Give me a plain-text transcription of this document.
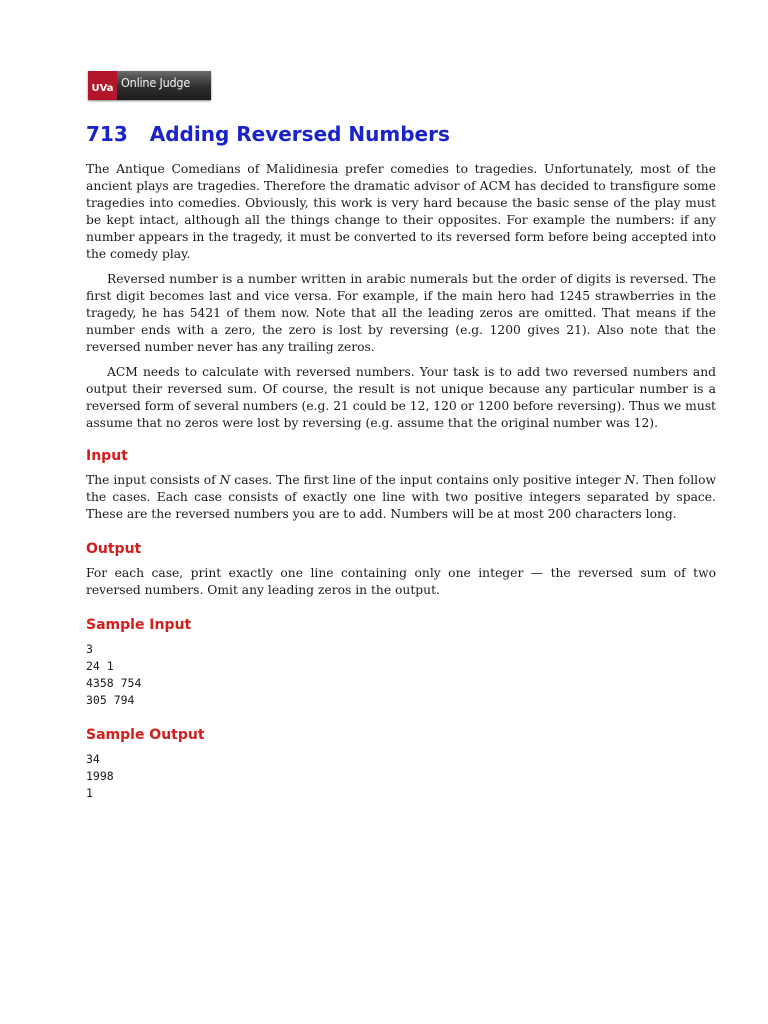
UVa Online Judge
713 Adding Reversed Numbers

The Antique Comedians of Malidinesia prefer comedies to tragedies. Unfortunately, most of the ancient plays are tragedies. Therefore the dramatic advisor of ACM has decided to transfigure some tragedies into comedies. Obviously, this work is very hard because the basic sense of the play must be kept intact, although all the things change to their opposites. For example the numbers: if any number appears in the tragedy, it must be converted to its reversed form before being accepted into the comedy play.

Reversed number is a number written in arabic numerals but the order of digits is reversed. The first digit becomes last and vice versa. For example, if the main hero had 1245 strawberries in the tragedy, he has 5421 of them now. Note that all the leading zeros are omitted. That means if the number ends with a zero, the zero is lost by reversing (e.g. 1200 gives 21). Also note that the reversed number never has any trailing zeros.

ACM needs to calculate with reversed numbers. Your task is to add two reversed numbers and output their reversed sum. Of course, the result is not unique because any particular number is a reversed form of several numbers (e.g. 21 could be 12, 120 or 1200 before reversing). Thus we must assume that no zeros were lost by reversing (e.g. assume that the original number was 12).

Input

The input consists of N cases. The first line of the input contains only positive integer N. Then follow the cases. Each case consists of exactly one line with two positive integers separated by space. These are the reversed numbers you are to add. Numbers will be at most 200 characters long.

Output

For each case, print exactly one line containing only one integer — the reversed sum of two reversed numbers. Omit any leading zeros in the output.

Sample Input
3
24 1
4358 754
305 794
Sample Output
34
1998
1
